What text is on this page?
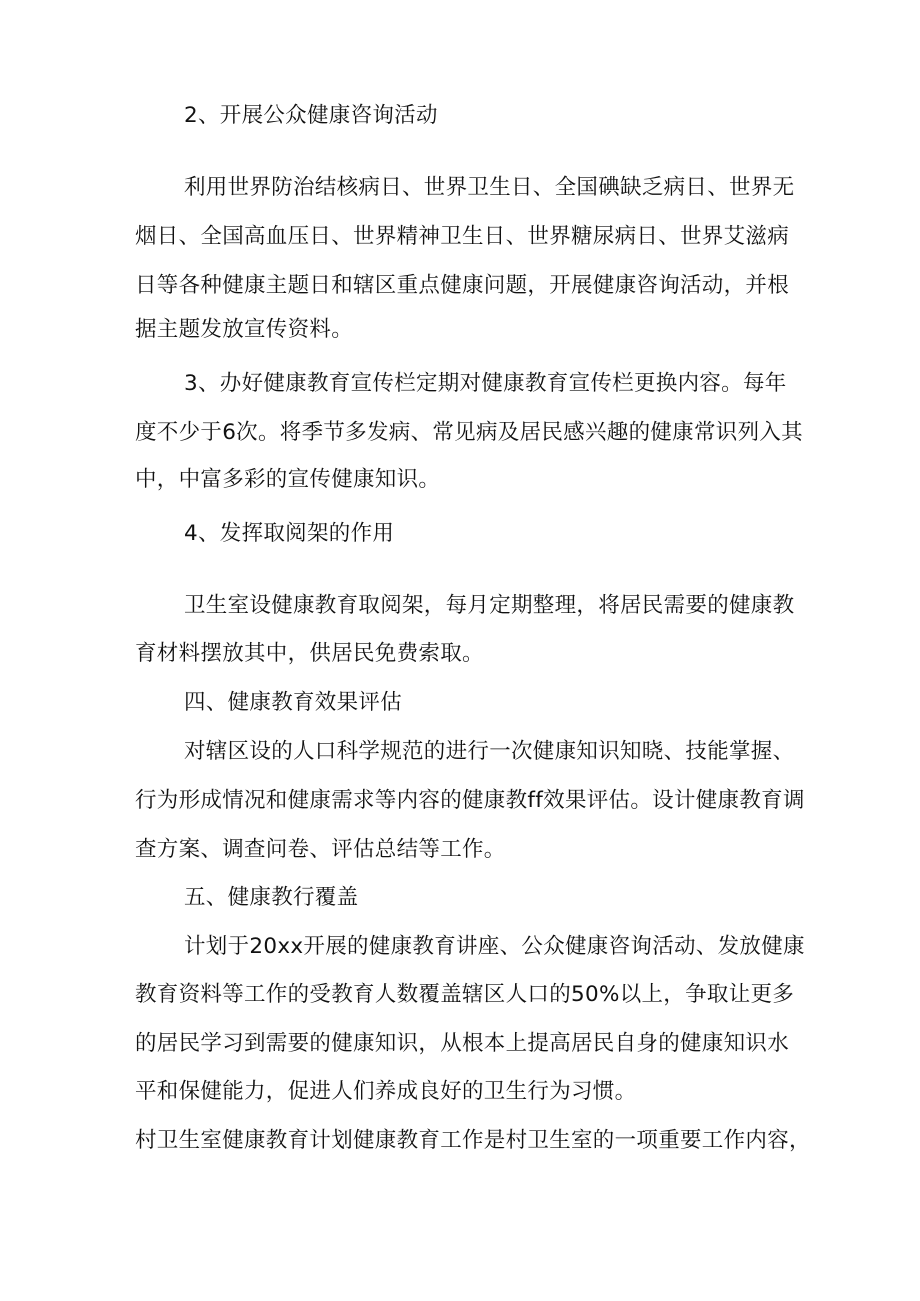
2、开展公众健康咨询活动
利用世界防治结核病日、世界卫生日、全国碘缺乏病日、世界无
烟日、全国高血压日、世界精神卫生日、世界糖尿病日、世界艾滋病
日等各种健康主题日和辖区重点健康问题，开展健康咨询活动，并根
据主题发放宣传资料。
3、办好健康教育宣传栏定期对健康教育宣传栏更换内容。每年
度不少于6次。将季节多发病、常见病及居民感兴趣的健康常识列入其
中，中富多彩的宣传健康知识。
4、发挥取阅架的作用
卫生室设健康教育取阅架，每月定期整理，将居民需要的健康教
育材料摆放其中，供居民免费索取。
四、健康教育效果评估
对辖区设的人口科学规范的进行一次健康知识知晓、技能掌握、
行为形成情况和健康需求等内容的健康教ff效果评估。设计健康教育调
查方案、调查问卷、评估总结等工作。
五、健康教行覆盖
计划于20xx开展的健康教育讲座、公众健康咨询活动、发放健康
教育资料等工作的受教育人数覆盖辖区人口的50%以上，争取让更多
的居民学习到需要的健康知识，从根本上提高居民自身的健康知识水
平和保健能力，促进人们养成良好的卫生行为习惯。
村卫生室健康教育计划健康教育工作是村卫生室的一项重要工作内容，
